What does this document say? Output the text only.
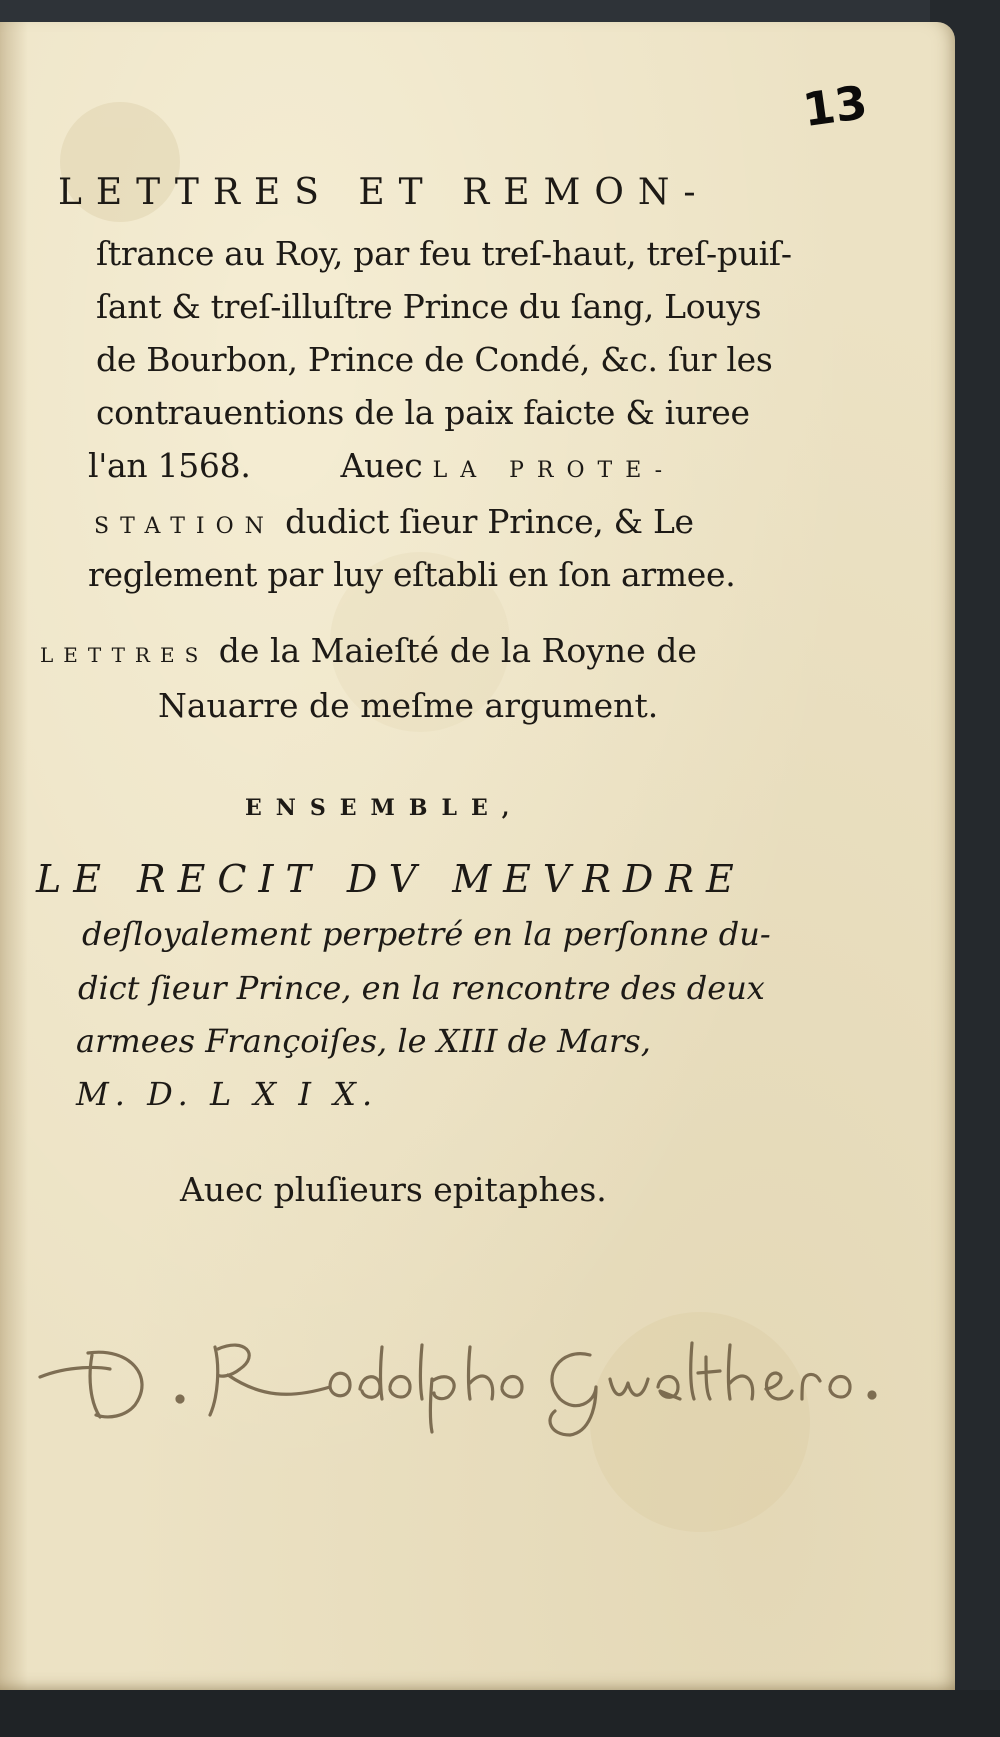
13

LETTRES ET REMON-

ſtrance au Roy, par feu treſ-haut, treſ-puiſ-

ſant & treſ-illuſtre Prince du ſang, Louys

de Bourbon, Prince de Condé, &c. ſur les

contrauentions de la paix faicte & iuree

l'an 1568.	Auec LA PROTE-

STATION dudict ſieur Prince, & Le

reglement par luy eſtabli en ſon armee.

LETTRES de la Maieſté de la Royne de

Nauarre de meſme argument.

ENSEMBLE,

LE RECIT DV MEVRDRE

deſloyalement perpetré en la perſonne du-

dict ſieur Prince, en la rencontre des deux

armees Françoiſes, le XIII de Mars,

M. D. L X I X.

Auec pluſieurs epitaphes.

D. Rodolpho Gwalthero.
